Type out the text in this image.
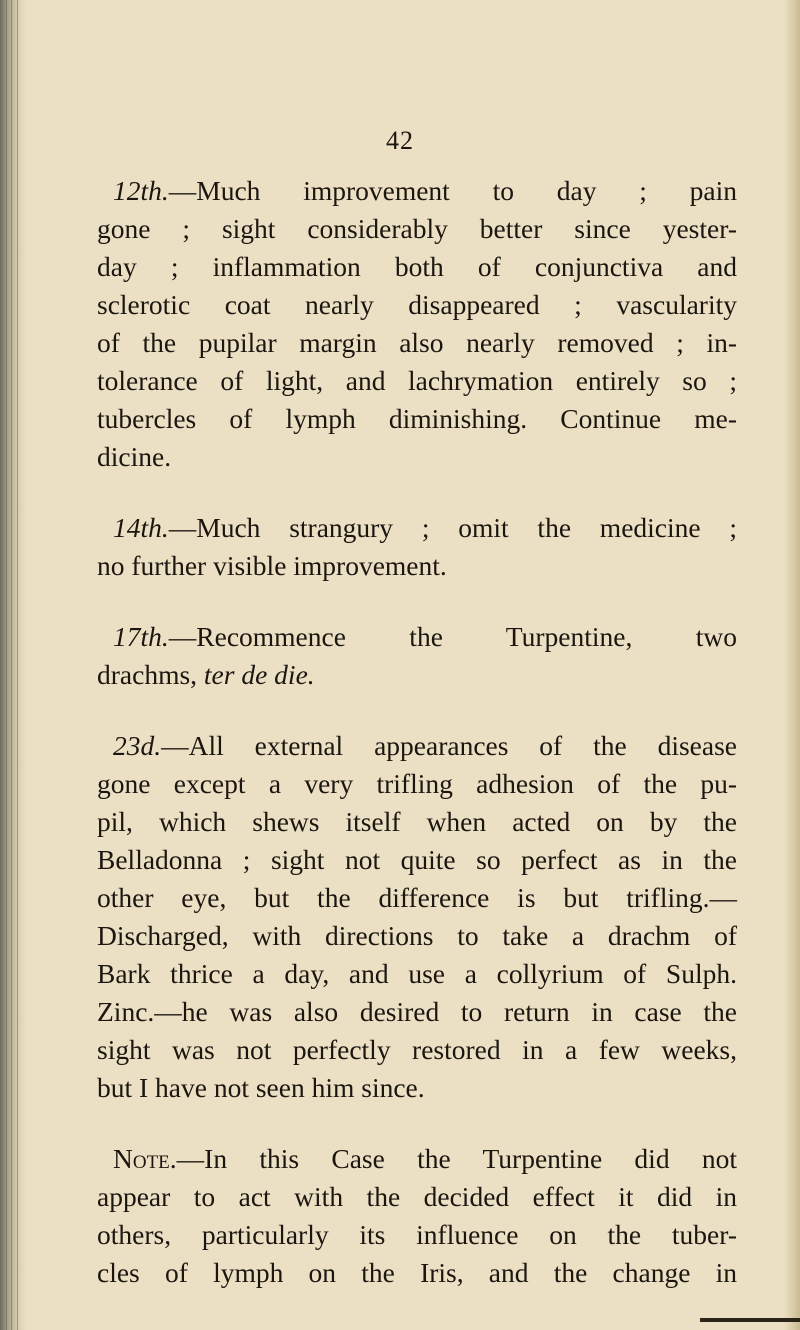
42
12th.—Much improvement to day ; pain
gone ; sight considerably better since yester-
day ; inflammation both of conjunctiva and
sclerotic coat nearly disappeared ; vascularity
of the pupilar margin also nearly removed ; in-
tolerance of light, and lachrymation entirely so ;
tubercles of lymph diminishing. Continue me-
dicine.
14th.—Much strangury ; omit the medicine ;
no further visible improvement.
17th.—Recommence the Turpentine, two
drachms, ter de die.
23d.—All external appearances of the disease
gone except a very trifling adhesion of the pu-
pil, which shews itself when acted on by the
Belladonna ; sight not quite so perfect as in the
other eye, but the difference is but trifling.—
Discharged, with directions to take a drachm of
Bark thrice a day, and use a collyrium of Sulph.
Zinc.—he was also desired to return in case the
sight was not perfectly restored in a few weeks,
but I have not seen him since.
Note.—In this Case the Turpentine did not
appear to act with the decided effect it did in
others, particularly its influence on the tuber-
cles of lymph on the Iris, and the change in
